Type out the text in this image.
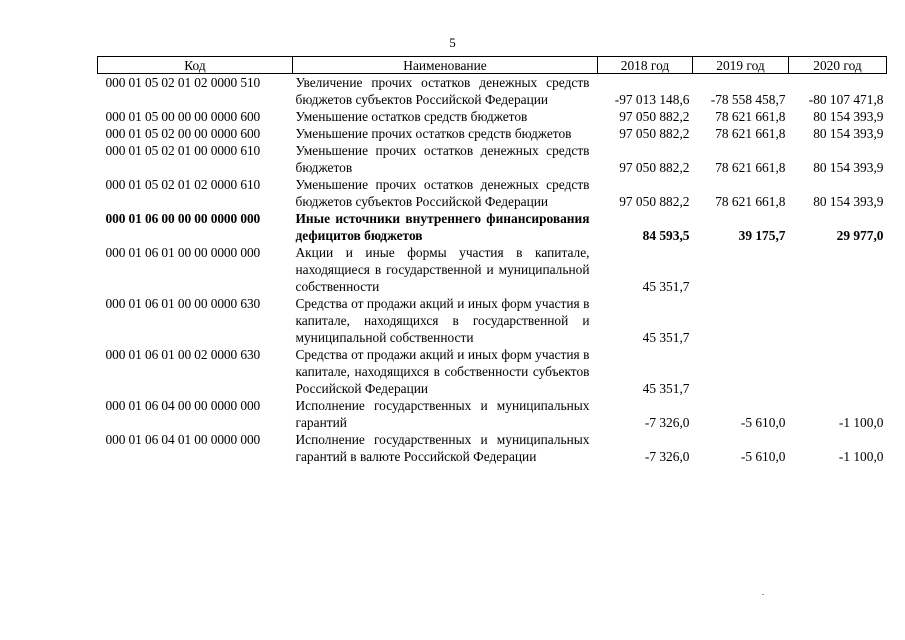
5
Код	Наименование	2018 год	2019 год	2020 год
000 01 05 02 01 02 0000 510	Увеличение прочих остатков денежных средств бюджетов субъектов Российской Федерации	-97 013 148,6	-78 558 458,7	-80 107 471,8
000 01 05 00 00 00 0000 600	Уменьшение остатков средств бюджетов	97 050 882,2	78 621 661,8	80 154 393,9
000 01 05 02 00 00 0000 600	Уменьшение прочих остатков средств бюджетов	97 050 882,2	78 621 661,8	80 154 393,9
000 01 05 02 01 00 0000 610	Уменьшение прочих остатков денежных средств бюджетов	97 050 882,2	78 621 661,8	80 154 393,9
000 01 05 02 01 02 0000 610	Уменьшение прочих остатков денежных средств бюджетов субъектов Российской Федерации	97 050 882,2	78 621 661,8	80 154 393,9
000 01 06 00 00 00 0000 000	Иные источники внутреннего финансирования дефицитов бюджетов	84 593,5	39 175,7	29 977,0
000 01 06 01 00 00 0000 000	Акции и иные формы участия в капитале, находящиеся в государственной и муниципальной собственности	45 351,7		
000 01 06 01 00 00 0000 630	Средства от продажи акций и иных форм участия в капитале, находящихся в государственной и муниципальной собственности	45 351,7		
000 01 06 01 00 02 0000 630	Средства от продажи акций и иных форм участия в капитале, находящихся в собственности субъектов Российской Федерации	45 351,7		
000 01 06 04 00 00 0000 000	Исполнение государственных и муниципальных гарантий	-7 326,0	-5 610,0	-1 100,0
000 01 06 04 01 00 0000 000	Исполнение государственных и муниципальных гарантий в валюте Российской Федерации	-7 326,0	-5 610,0	-1 100,0
